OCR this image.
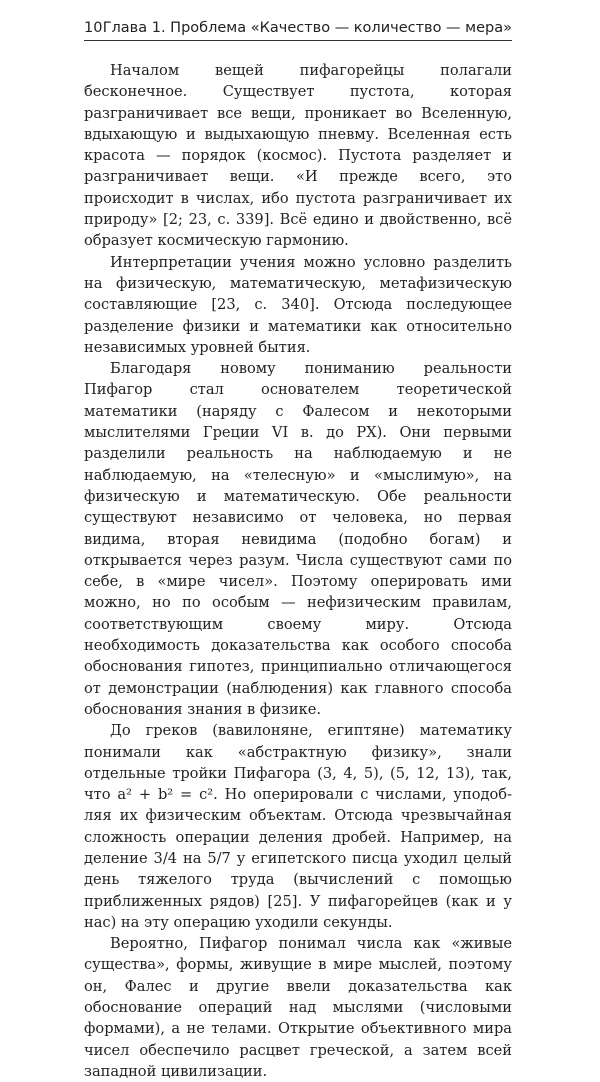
10 Глава 1. Проблема «Качество — количество — мера»

Началом вещей пифагорейцы полагали бесконечное. Существует пустота, которая разграничивает все вещи, проникает во Вселенную, вдыхающую и выдыхающую пневму. Вселенная есть красота — порядок (космос). Пустота разделяет и разграничивает вещи. «И прежде всего, это происходит в числах, ибо пустота разграничивает их природу» [2; 23, с. 339]. Всё едино и двойственно, всё образует космическую гармонию.

Интерпретации учения можно условно разделить на физическую, математическую, метафизическую составляющие [23, с. 340]. Отсюда последующее разделение физики и математики как относительно независимых уровней бытия.

Благодаря новому пониманию реальности Пифагор стал основателем теоретической математики (наряду с Фалесом и некоторыми мыслителями Греции VI в. до РХ). Они первыми разделили реальность на наблюдаемую и не наблюдаемую, на «телесную» и «мыслимую», на физическую и математическую. Обе реальности существуют независимо от человека, но первая видима, вторая невидима (подобно богам) и открывается через разум. Числа существуют сами по себе, в «мире чисел». Поэтому оперировать ими можно, но по особым — нефизическим правилам, соответствующим своему миру. Отсюда необходимость доказательства как особого способа обоснования гипотез, принципиально отличающегося от демонстрации (наблюдения) как главного способа обоснования знания в физике.

До греков (вавилоняне, египтяне) математику понимали как «абстрактную физику», знали отдельные тройки Пифагора (3, 4, 5), (5, 12, 13), так, что a² + b² = c². Но оперировали с числами, уподобляя их физическим объектам. Отсюда чрезвычайная сложность операции деления дробей. Например, на деление 3/4 на 5/7 у египетского писца уходил целый день тяжелого труда (вычислений с помощью приближенных рядов) [25]. У пифагорейцев (как и у нас) на эту операцию уходили секунды.

Вероятно, Пифагор понимал числа как «живые существа», формы, живущие в мире мыслей, поэтому он, Фалес и другие ввели доказательства как обоснование операций над мыслями (числовыми формами), а не телами. Открытие объективного мира чисел обеспечило расцвет греческой, а затем всей западной цивилизации.
